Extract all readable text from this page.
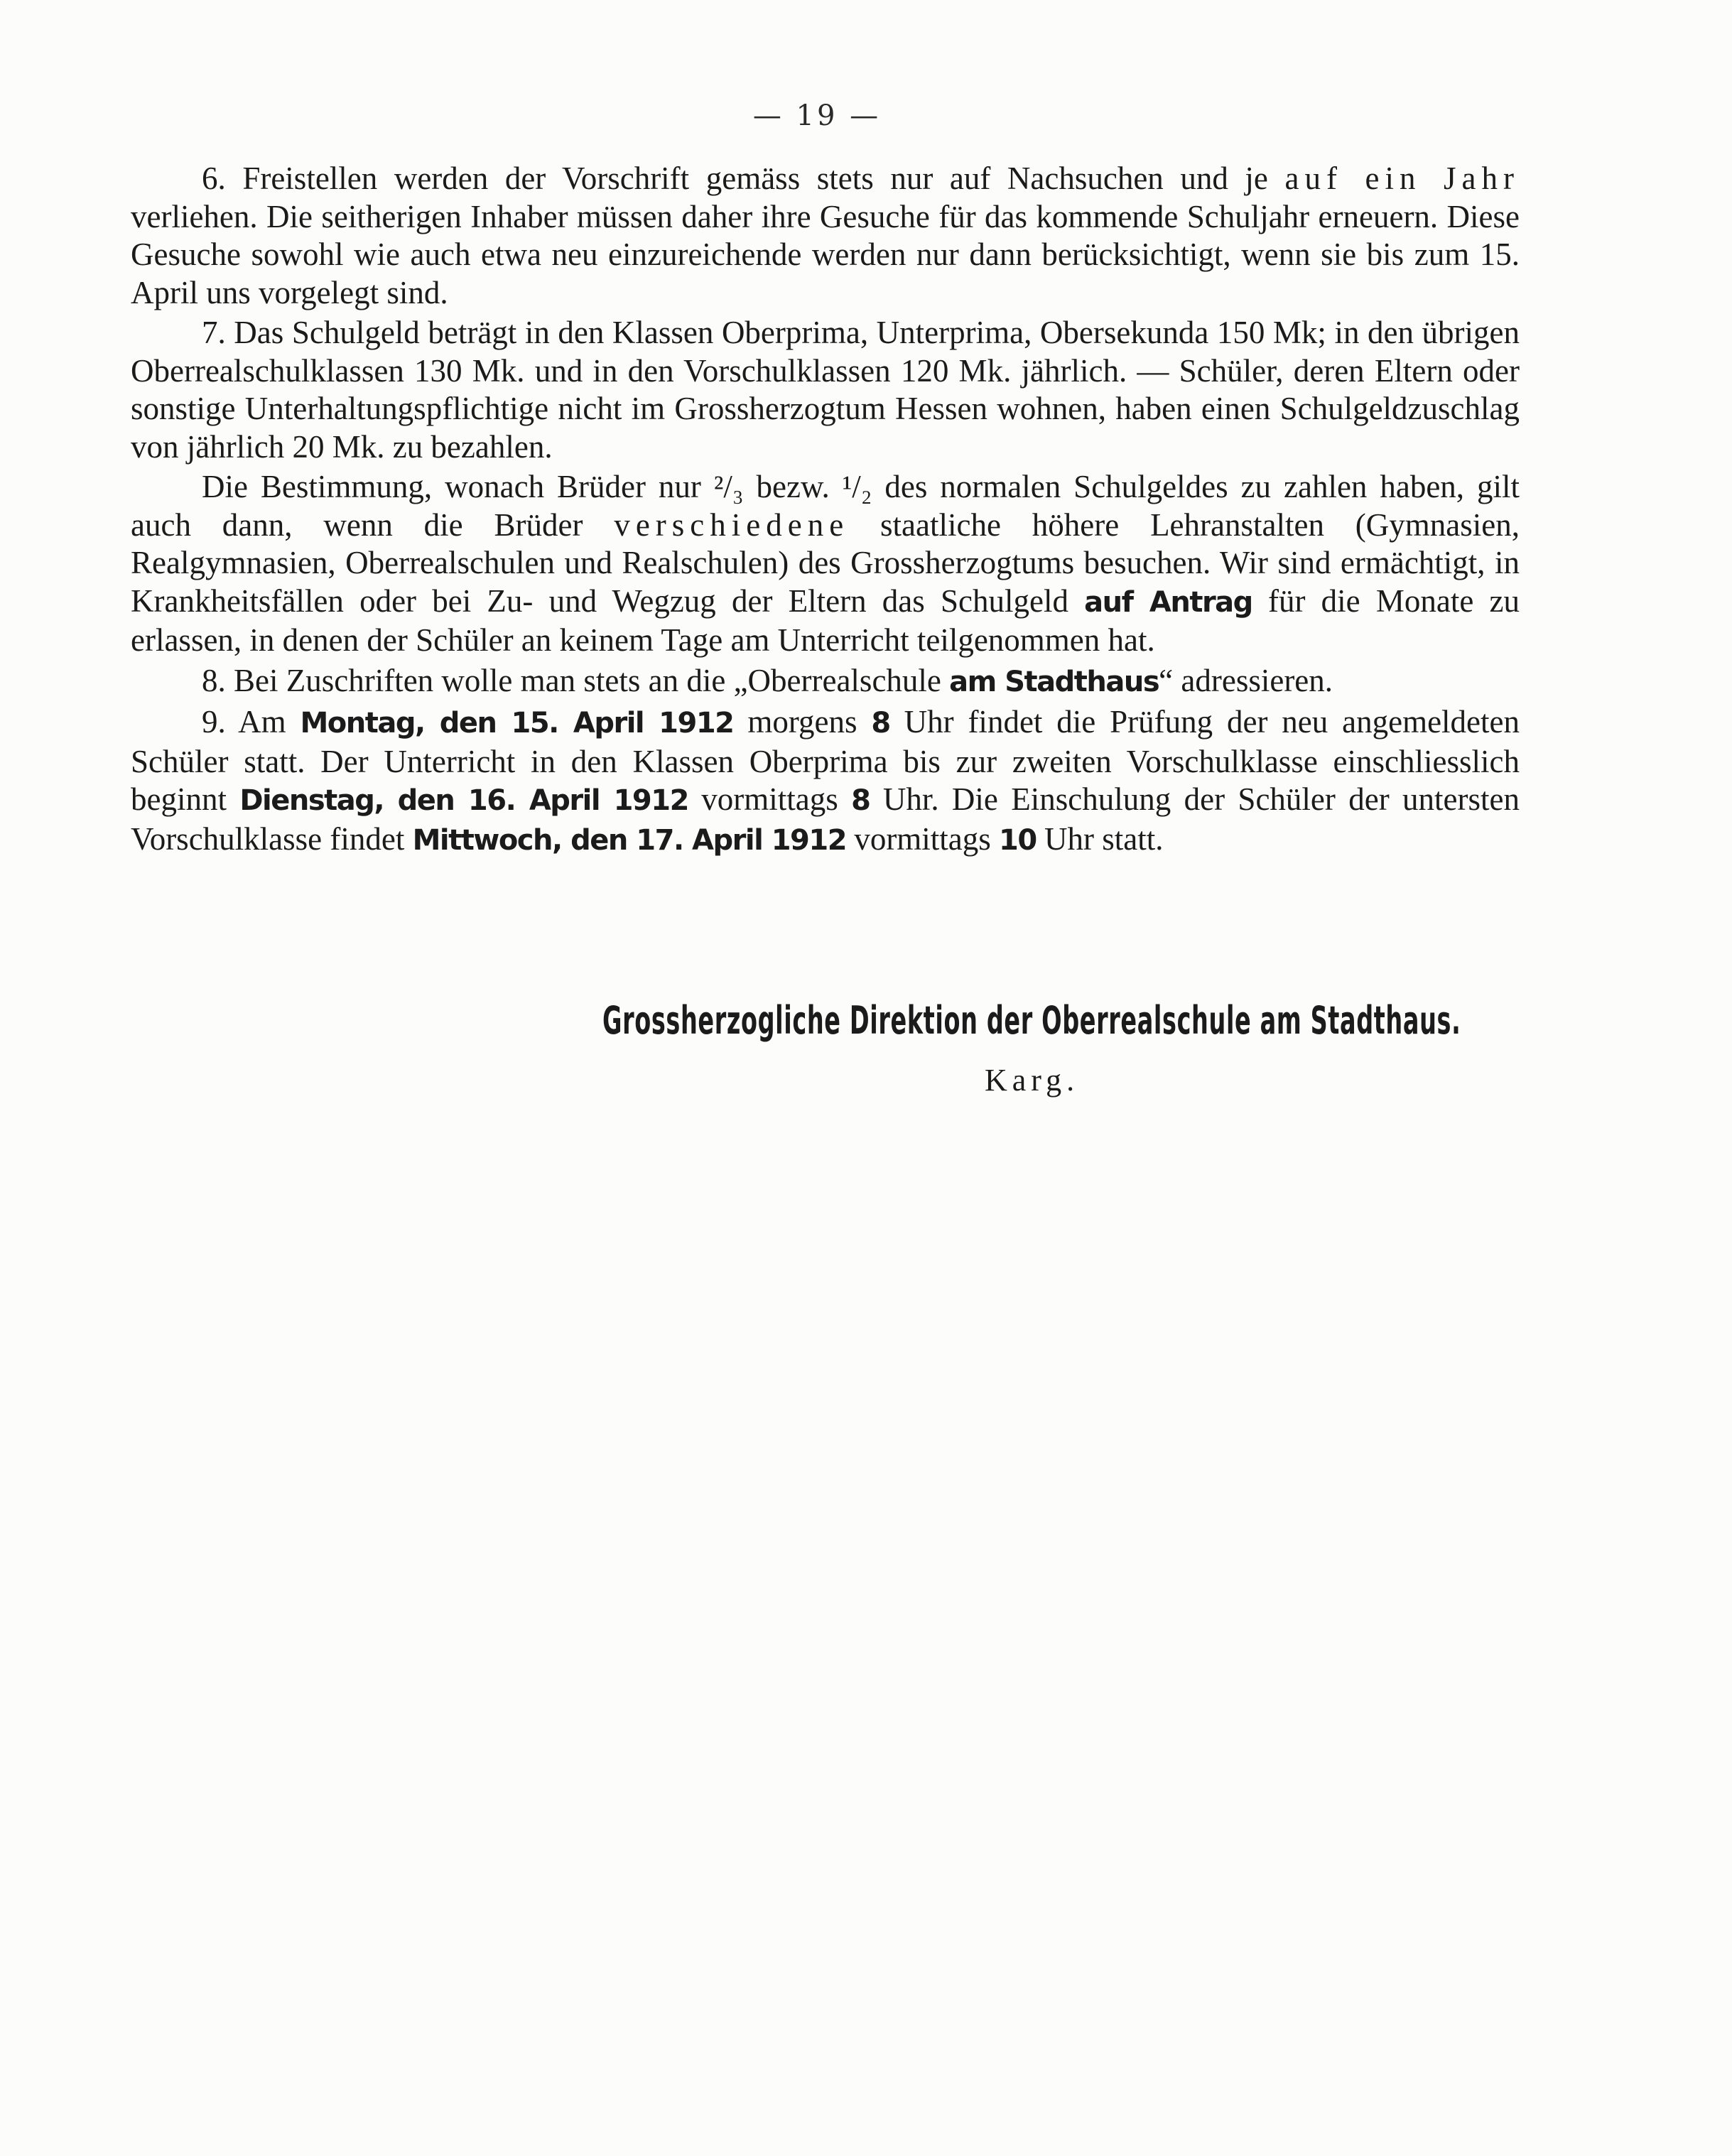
— 19 —

6. Freistellen werden der Vorschrift gemäss stets nur auf Nachsuchen und je auf ein Jahr verliehen. Die seitherigen Inhaber müssen daher ihre Gesuche für das kommende Schuljahr erneuern. Diese Gesuche sowohl wie auch etwa neu einzureichende werden nur dann berücksichtigt, wenn sie bis zum 15. April uns vorgelegt sind.

7. Das Schulgeld beträgt in den Klassen Oberprima, Unterprima, Obersekunda 150 Mk; in den übrigen Oberrealschulklassen 130 Mk. und in den Vorschulklassen 120 Mk. jährlich. — Schüler, deren Eltern oder sonstige Unterhaltungspflichtige nicht im Grossherzogtum Hessen wohnen, haben einen Schulgeldzuschlag von jährlich 20 Mk. zu bezahlen.

Die Bestimmung, wonach Brüder nur ²/₃ bezw. ¹/₂ des normalen Schulgeldes zu zahlen haben, gilt auch dann, wenn die Brüder verschiedene staatliche höhere Lehranstalten (Gymnasien, Realgymnasien, Oberrealschulen und Realschulen) des Grossherzogtums besuchen. Wir sind ermächtigt, in Krankheitsfällen oder bei Zu- und Wegzug der Eltern das Schulgeld auf Antrag für die Monate zu erlassen, in denen der Schüler an keinem Tage am Unterricht teilgenommen hat.

8. Bei Zuschriften wolle man stets an die „Oberrealschule am Stadthaus“ adressieren.

9. Am Montag, den 15. April 1912 morgens 8 Uhr findet die Prüfung der neu angemeldeten Schüler statt. Der Unterricht in den Klassen Oberprima bis zur zweiten Vorschulklasse einschliesslich beginnt Dienstag, den 16. April 1912 vormittags 8 Uhr. Die Einschulung der Schüler der untersten Vorschulklasse findet Mittwoch, den 17. April 1912 vormittags 10 Uhr statt.

Grossherzogliche Direktion der Oberrealschule am Stadthaus.
Karg.
